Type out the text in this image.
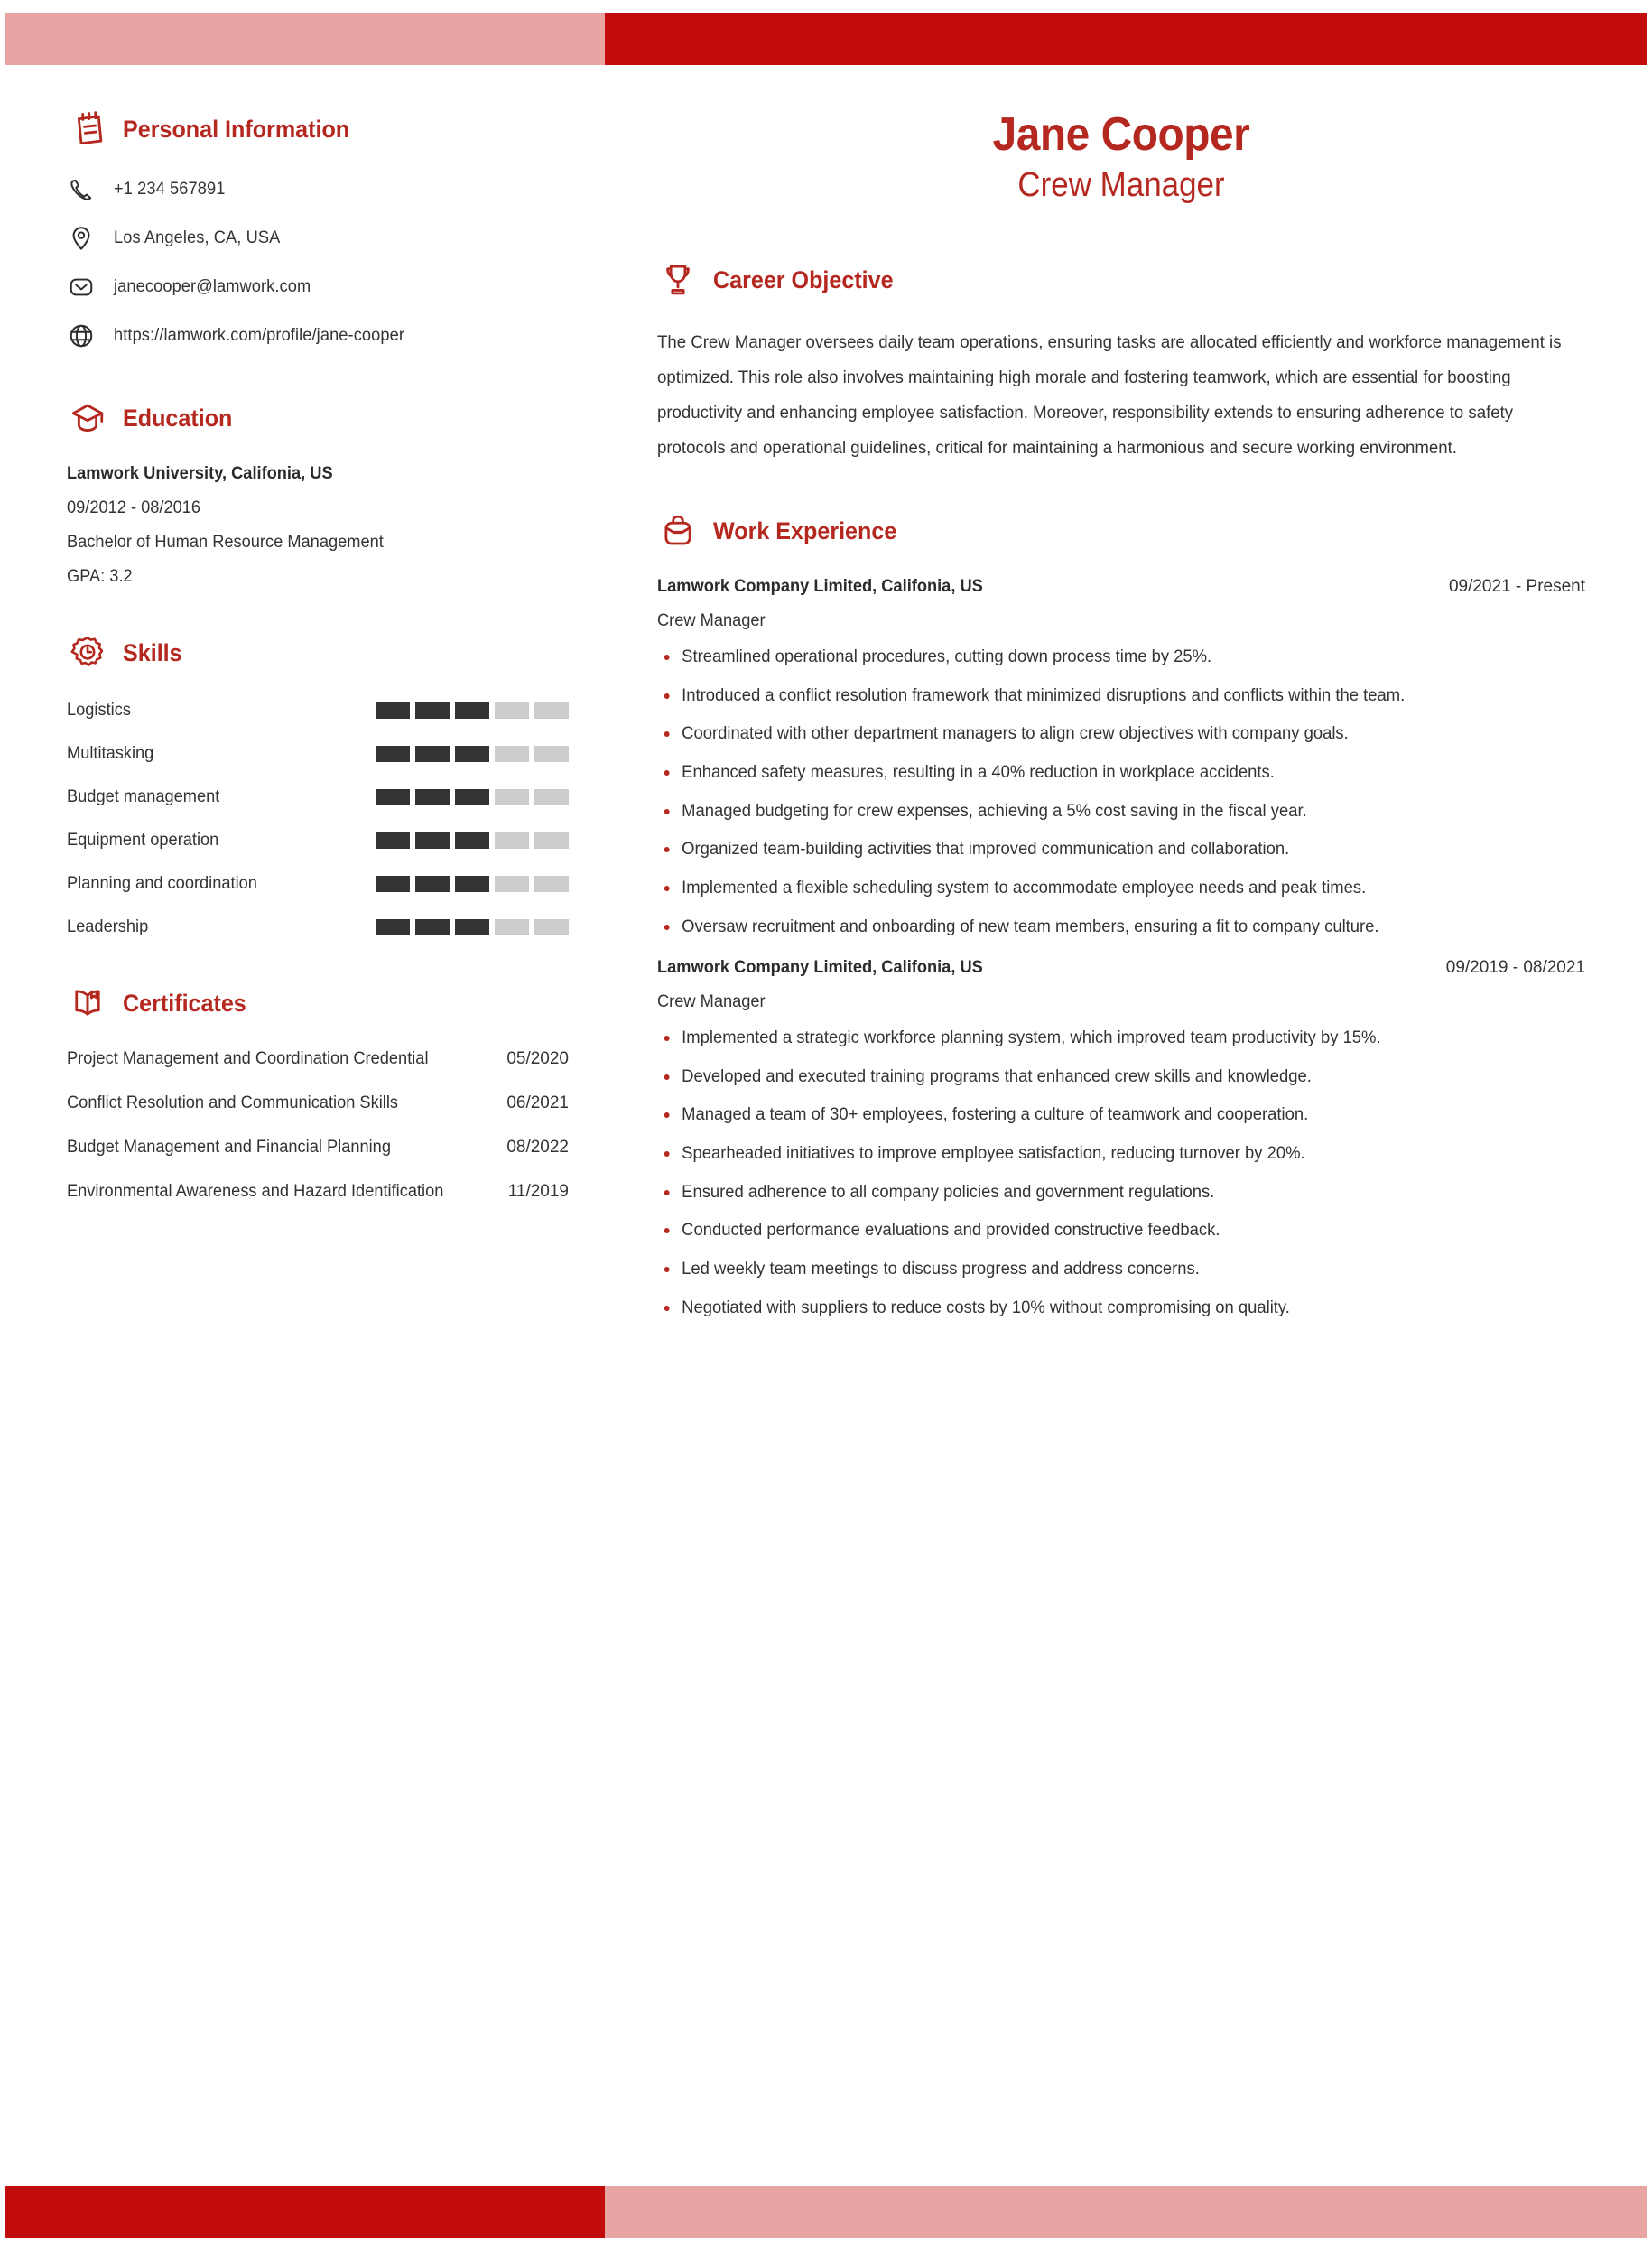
Personal Information
+1 234 567891
Los Angeles, CA, USA
janecooper@lamwork.com
https://lamwork.com/profile/jane-cooper
Education
Lamwork University, Califonia, US
09/2012 - 08/2016
Bachelor of Human Resource Management
GPA: 3.2
Skills
Logistics
Multitasking
Budget management
Equipment operation
Planning and coordination
Leadership
Certificates
Project Management and Coordination Credential	05/2020
Conflict Resolution and Communication Skills	06/2021
Budget Management and Financial Planning	08/2022
Environmental Awareness and Hazard Identification	11/2019
Jane Cooper
Crew Manager
Career Objective

The Crew Manager oversees daily team operations, ensuring tasks are allocated efficiently and workforce management is optimized. This role also involves maintaining high morale and fostering teamwork, which are essential for boosting productivity and enhancing employee satisfaction. Moreover, responsibility extends to ensuring adherence to safety protocols and operational guidelines, critical for maintaining a harmonious and secure working environment.

Work Experience
Lamwork Company Limited, Califonia, US	09/2021 - Present
Crew Manager
Streamlined operational procedures, cutting down process time by 25%.
Introduced a conflict resolution framework that minimized disruptions and conflicts within the team.
Coordinated with other department managers to align crew objectives with company goals.
Enhanced safety measures, resulting in a 40% reduction in workplace accidents.
Managed budgeting for crew expenses, achieving a 5% cost saving in the fiscal year.
Organized team-building activities that improved communication and collaboration.
Implemented a flexible scheduling system to accommodate employee needs and peak times.
Oversaw recruitment and onboarding of new team members, ensuring a fit to company culture.
Lamwork Company Limited, Califonia, US	09/2019 - 08/2021
Crew Manager
Implemented a strategic workforce planning system, which improved team productivity by 15%.
Developed and executed training programs that enhanced crew skills and knowledge.
Managed a team of 30+ employees, fostering a culture of teamwork and cooperation.
Spearheaded initiatives to improve employee satisfaction, reducing turnover by 20%.
Ensured adherence to all company policies and government regulations.
Conducted performance evaluations and provided constructive feedback.
Led weekly team meetings to discuss progress and address concerns.
Negotiated with suppliers to reduce costs by 10% without compromising on quality.
